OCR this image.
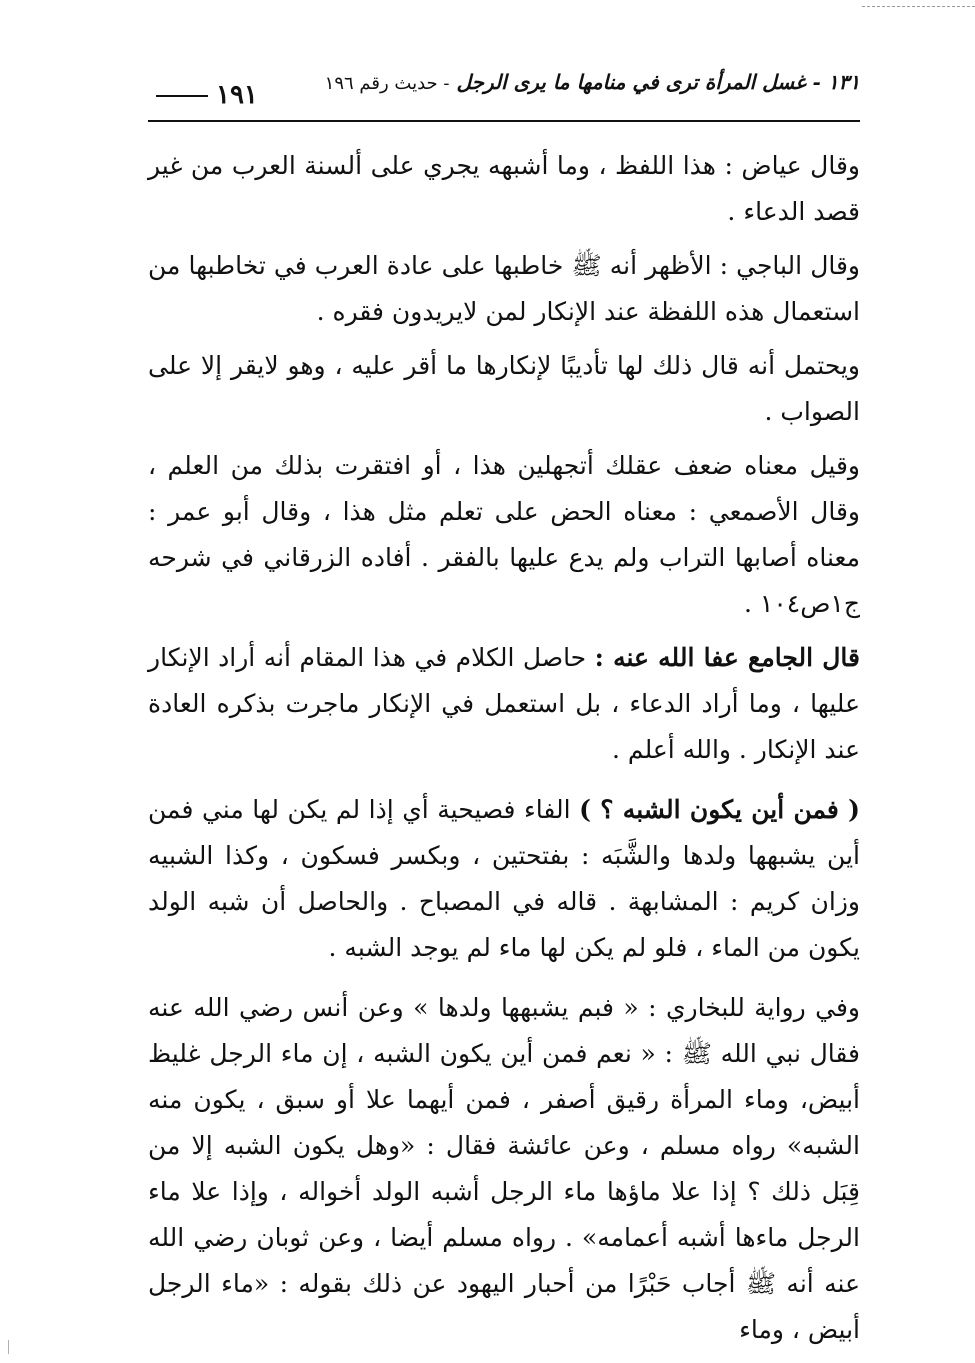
١٣١ - غسل المرأة ترى في منامها ما يرى الرجل - حديث رقم ١٩٦
١٩١

وقال عياض : هذا اللفظ ، وما أشبهه يجري على ألسنة العرب من غير قصد الدعاء .

وقال الباجي : الأظهر أنه ﷺ خاطبها على عادة العرب في تخاطبها من استعمال هذه اللفظة عند الإنكار لمن لايريدون فقره .

ويحتمل أنه قال ذلك لها تأديبًا لإنكارها ما أقر عليه ، وهو لايقر إلا على الصواب .

وقيل معناه ضعف عقلك أتجهلين هذا ، أو افتقرت بذلك من العلم ، وقال الأصمعي : معناه الحض على تعلم مثل هذا ، وقال أبو عمر : معناه أصابها التراب ولم يدع عليها بالفقر . أفاده الزرقاني في شرحه ج١ص١٠٤ .

قال الجامع عفا الله عنه : حاصل الكلام في هذا المقام أنه أراد الإنكار عليها ، وما أراد الدعاء ، بل استعمل في الإنكار ماجرت بذكره العادة عند الإنكار . والله أعلم .

( فمن أين يكون الشبه ؟ ) الفاء فصيحية أي إذا لم يكن لها مني فمن أين يشبهها ولدها والشَّبَه : بفتحتين ، وبكسر فسكون ، وكذا الشبيه وزان كريم : المشابهة . قاله في المصباح . والحاصل أن شبه الولد يكون من الماء ، فلو لم يكن لها ماء لم يوجد الشبه .

وفي رواية للبخاري : « فبم يشبهها ولدها » وعن أنس رضي الله عنه فقال نبي الله ﷺ : « نعم فمن أين يكون الشبه ، إن ماء الرجل غليظ أبيض، وماء المرأة رقيق أصفر ، فمن أيهما علا أو سبق ، يكون منه الشبه» رواه مسلم ، وعن عائشة فقال : «وهل يكون الشبه إلا من قِبَل ذلك ؟ إذا علا ماؤها ماء الرجل أشبه الولد أخواله ، وإذا علا ماء الرجل ماءها أشبه أعمامه» . رواه مسلم أيضا ، وعن ثوبان رضي الله عنه أنه ﷺ أجاب حَبْرًا من أحبار اليهود عن ذلك بقوله : «ماء الرجل أبيض ، وماء
